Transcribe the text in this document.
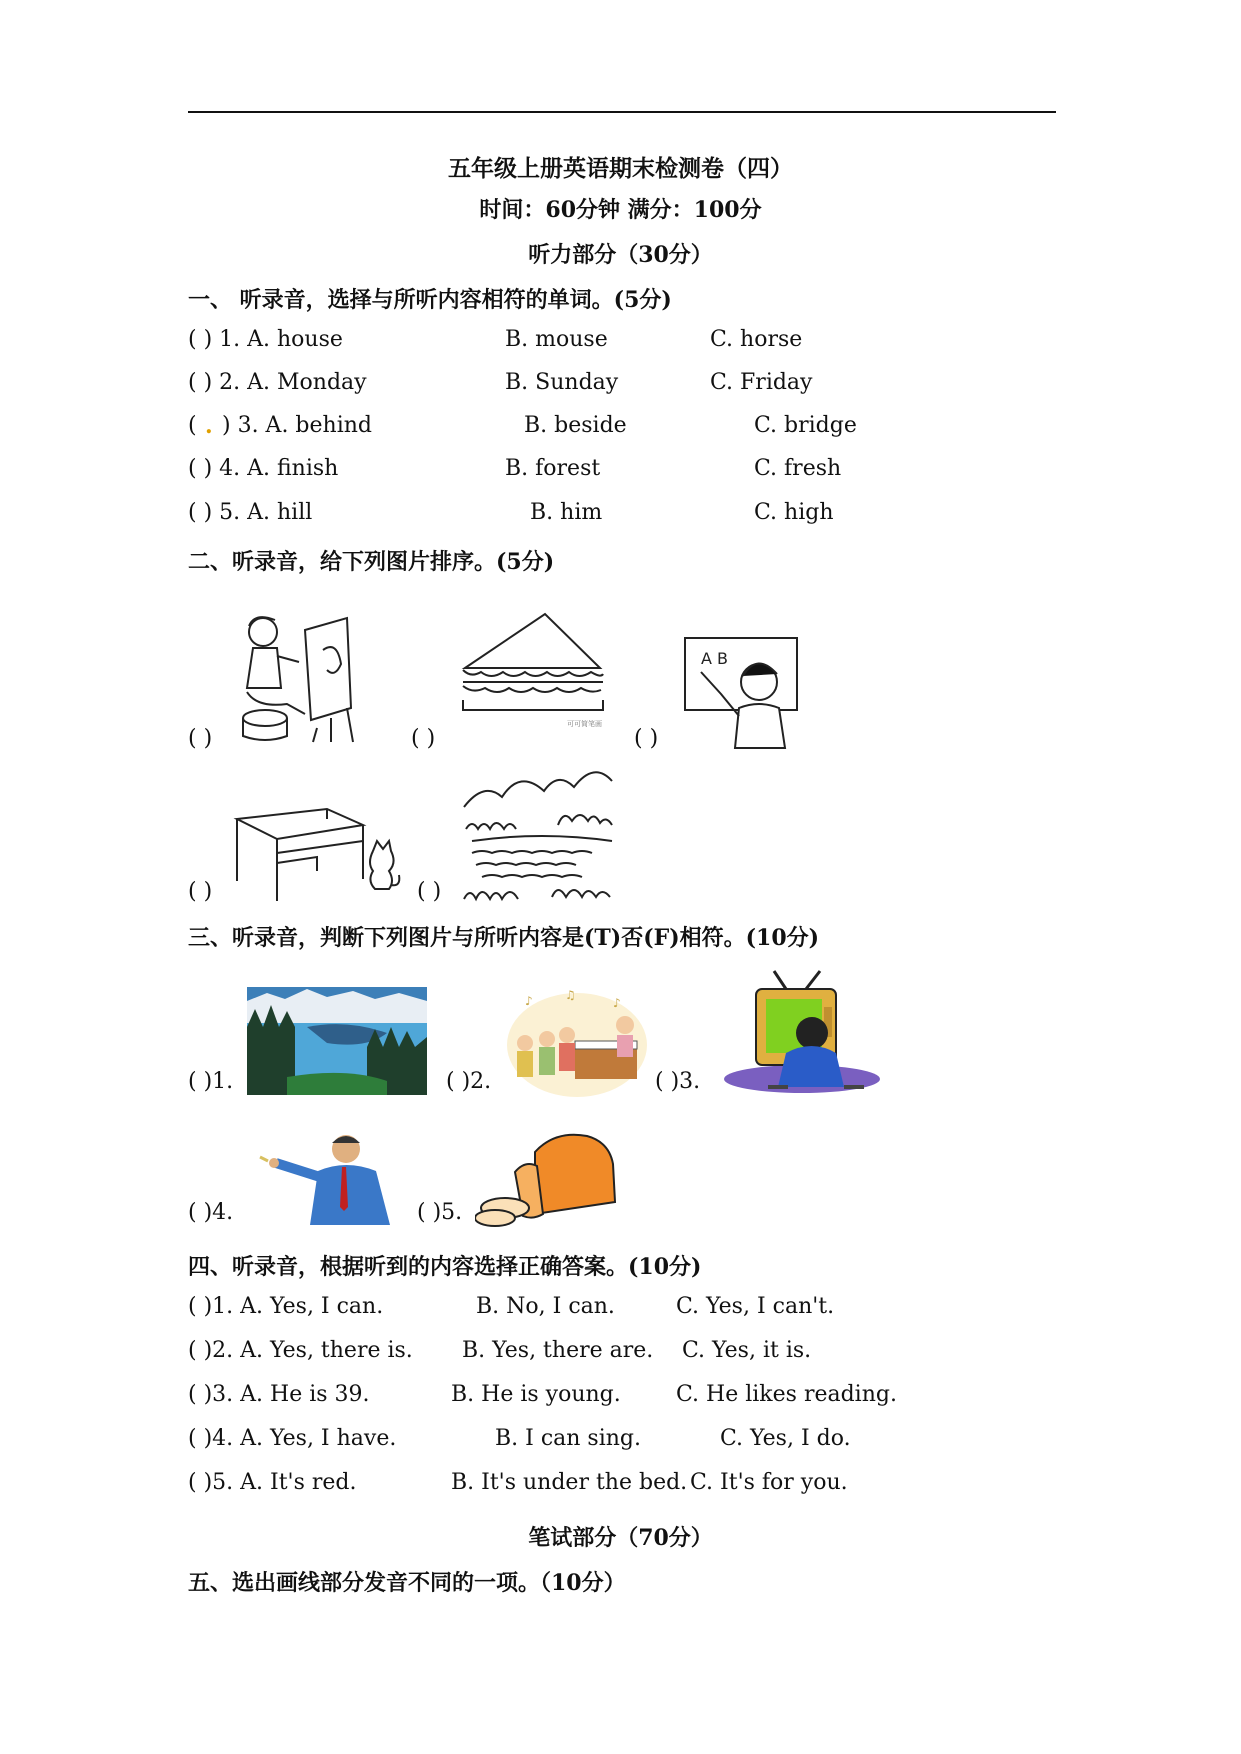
五年级上册英语期末检测卷（四）
时间：60分钟 满分：100分
听力部分（30分）
一、 听录音，选择与所听内容相符的单词。(5分)
( ) 1. A. house	B. mouse	C. horse
( ) 2. A. Monday	B. Sunday	C. Friday
( . ) 3. A. behind	B. beside	C. bridge
( ) 4. A. finish	B. forest	C. fresh
( ) 5. A. hill	B. him	C. high
二、听录音，给下列图片排序。(5分)
( )
可可简笔画
( )
A B
( )
( )	( )
三、听录音，判断下列图片与所听内容是(T)否(F)相符。(10分)
( )1.
♪	♫
♪
( )2.	( )3.
( )4.	( )5.
四、听录音，根据听到的内容选择正确答案。(10分)
( )1. A. Yes, I can.	B. No, I can.	C. Yes, I can't.
( )2. A. Yes, there is. B. Yes, there are. C. Yes, it is.
( )3. A. He is 39.	B. He is young.	C. He likes reading.
( )4. A. Yes, I have.	B. I can sing.	C. Yes, I do.
( )5. A. It's red.	B. It's under the bed. C. It's for you.
笔试部分（70分）
五、选出画线部分发音不同的一项。（10分）
